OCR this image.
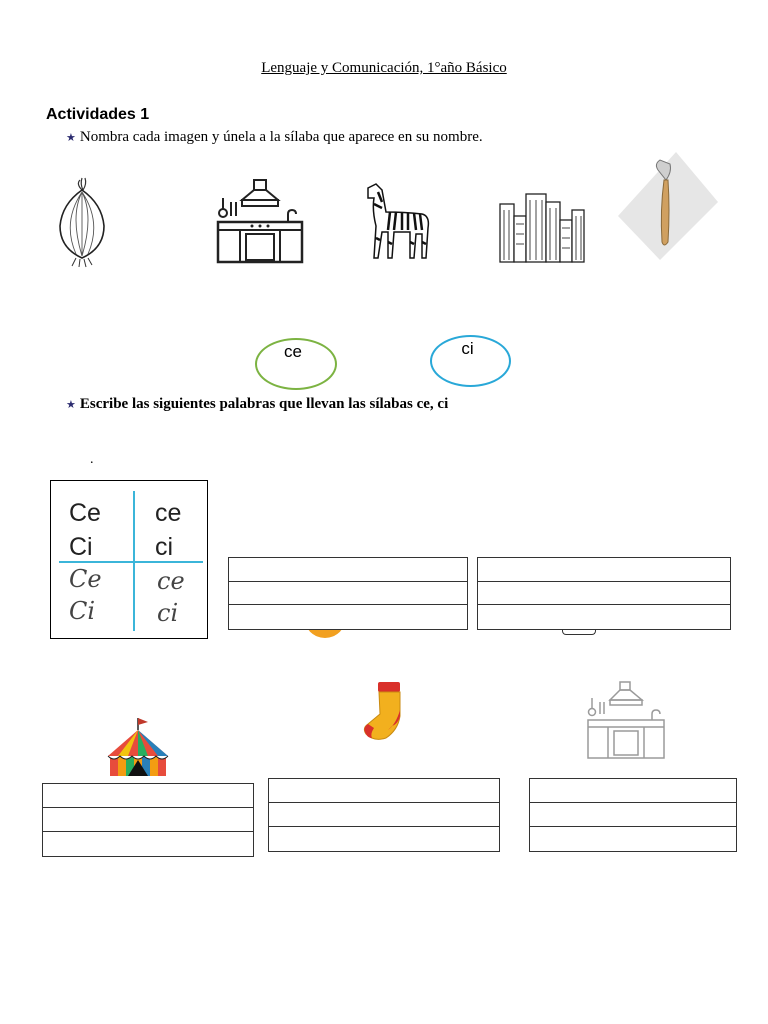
Lenguaje y Comunicación, 1°año Básico
Actividades 1
★ Nombra cada imagen y únela a la sílaba que aparece en su nombre.
ce	ci
★ Escribe las siguientes palabras que llevan las sílabas ce, ci
.
Ce
Ci
ce
ci
Ce
Ci
ce
ci
